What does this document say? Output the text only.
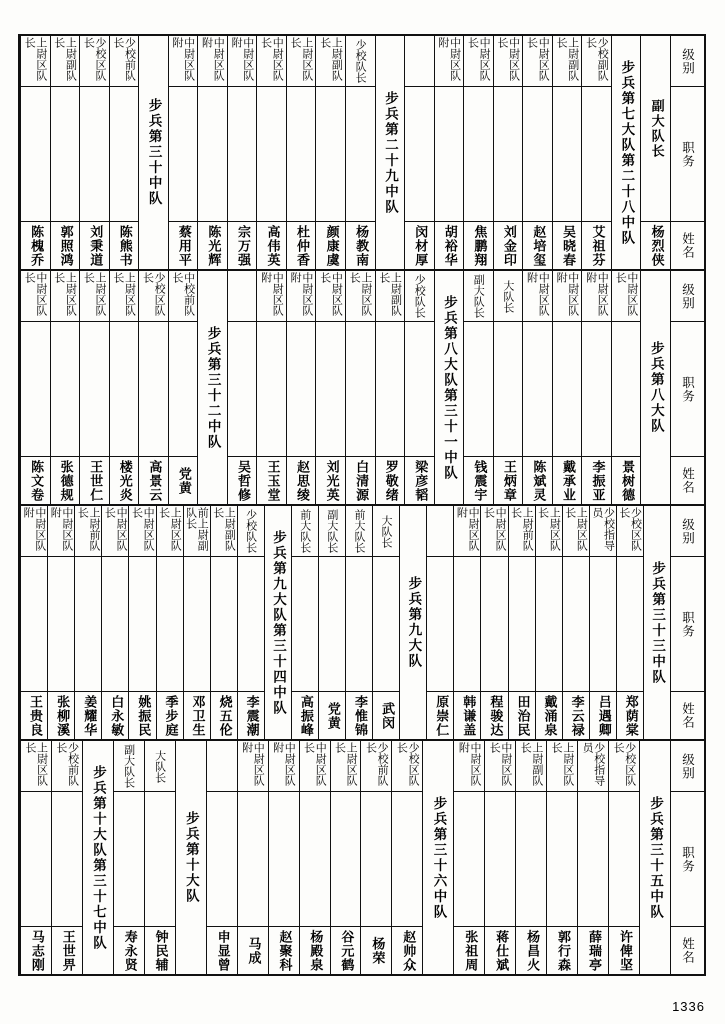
级别
职务
姓名
副大队长
杨烈侠
步兵第七大队第二十八中队
少校副队长
艾祖芬
上尉副队长
吴晓春
中尉区队长
赵培玺
中尉区队长
刘金印
中尉区队长
焦鹏翔
中尉区队附
胡裕华
闵材厚
步兵第二十九中队
少校队长
杨教南
上尉副队长
颜康虞
上尉区队长
杜仲香
中尉区队长
高伟英
中尉区队附
宗万强
中尉区队附
陈光辉
中尉区队附
蔡用平
步兵第三十中队
少校前队长
陈熊书
少校区队长
刘秉道
上尉副队长
郭照鸿
上尉区队长
陈槐乔
级别
职务
姓名
步兵第八大队
中尉区队长
景树德
中尉区队附
李振亚
中尉区队附
戴承业
中尉区队附
陈斌灵
大队长
王炳章
副大队长
钱震宇
步兵第八大队第三十一中队
少校队长
梁彦韬
上尉副队长
罗敬绪
上尉区队长
白清源
中尉区队长
刘光英
中尉区队附
赵思绫
中尉区队附
王玉堂
吴哲修
步兵第三十二中队
中校前队长
党黄
少校区队长
高景云
上尉区队长
楼光炎
上尉区队长
王世仁
上尉区队长
张德规
中尉区队长
陈文卷
级别
职务
姓名
步兵第三十三中队
少校区队长
郑荫棠
少校指导员
吕遇卿
上尉区队长
李云禄
上尉区队长
戴涌泉
上尉前队长
田治民
中尉区队长
程骏达
中尉区队附
韩谦盖
原崇仁
步兵第九大队
大队长
武闵
前大队长
李惟锦
副大队长
党黄
前大队长
高振峰
步兵第九大队第三十四中队
少校队长
李震潮
上尉副队长
烧五伦
前上尉副队长
邓卫生
上尉区队长
季步庭
中尉区队长
姚振民
中尉区队长
白永敏
上尉前队长
姜耀华
中尉区队附
张柳溪
中尉区队附
王贵良
级别
职务
姓名
步兵第三十五中队
少校区队长
许俾坚
少校指导员
薛瑞亭
上尉区队长
郭行森
上尉副队长
杨昌火
中尉区队长
蒋仕斌
中尉区队附
张祖周
步兵第三十六中队
少校区队长
赵帅众
少校前队长
杨荣
上尉区队长
谷元鹤
中尉区队长
杨殿泉
中尉区队附
赵聚科
中尉区队附
马成
申显曾
步兵第十大队
大队长
钟民辅
副大队长
寿永贤
步兵第十大队第三十七中队
少校前队长
王世畀
上尉区队长
马志刚
1336
